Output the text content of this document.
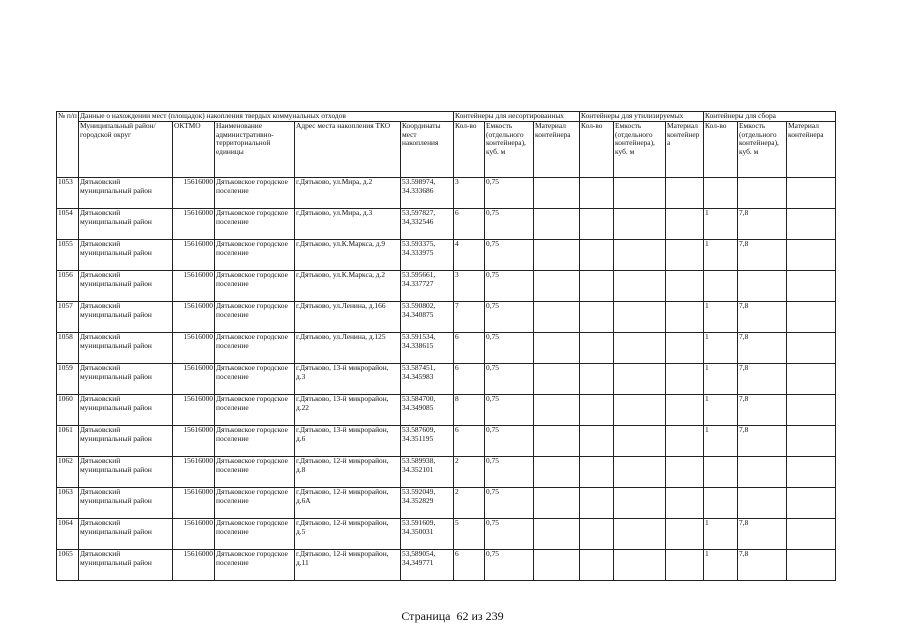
№ п/п	Данные о нахождении мест (площадок) накопления твердых коммунальных отходов					Контейнеры для несортированных			Контейнеры для утилизируемых			Контейнеры для сбора		
	Муниципальный район/городской округ	ОКТМО	Наименование административно-территориальной единицы	Адрес места накопления ТКО	Координаты мест накопления	Кол-во	Емкость (отдельного контейнера), куб. м	Материал контейнера	Кол-во	Емкость (отдельного контейнера), куб. м	Материал контейнер а	Кол-во	Емкость (отдельного контейнера), куб. м	Материал контейнера
1053	Дятьковский муниципальный район	15616000	Дятьковское городское поселение	г.Дятьково, ул.Мира, д.2	53.598974, 34.333686	3	0,75							
1054	Дятьковский муниципальный район	15616000	Дятьковское городское поселение	г.Дятьково, ул.Мира, д.3	53,597827, 34,332546	6	0,75					1	7,8	
1055	Дятьковский муниципальный район	15616000	Дятьковское городское поселение	г.Дятьково, ул.К.Маркса, д.9	53.593375, 34.333975	4	0,75					1	7,8	
1056	Дятьковский муниципальный район	15616000	Дятьковское городское поселение	г.Дятьково, ул.К.Маркса, д.2	53.595661, 34.337727	3	0,75							
1057	Дятьковский муниципальный район	15616000	Дятьковское городское поселение	г.Дятьково, ул.Ленина, д.166	53.590802, 34.340875	7	0,75					1	7,8	
1058	Дятьковский муниципальный район	15616000	Дятьковское городское поселение	г.Дятьково, ул.Ленина, д.125	53.591534, 34.338615	6	0,75					1	7,8	
1059	Дятьковский муниципальный район	15616000	Дятьковское городское поселение	г.Дятьково, 13-й микрорайон, д.3	53.587451, 34.345983	6	0,75					1	7,8	
1060	Дятьковский муниципальный район	15616000	Дятьковское городское поселение	г.Дятьково, 13-й микрорайон, д.22	53.584700, 34.349085	8	0,75					1	7,8	
1061	Дятьковский муниципальный район	15616000	Дятьковское городское поселение	г.Дятьково, 13-й микрорайон, д.6	53.587609, 34.351195	6	0,75					1	7,8	
1062	Дятьковский муниципальный район	15616000	Дятьковское городское поселение	г.Дятьково, 12-й микрорайон, д.8	53.589938, 34.352101	2	0,75							
1063	Дятьковский муниципальный район	15616000	Дятьковское городское поселение	г.Дятьково, 12-й микрорайон, д.6А	53.592049, 34.352829	2	0,75							
1064	Дятьковский муниципальный район	15616000	Дятьковское городское поселение	г.Дятьково, 12-й микрорайон, д.5	53.591609, 34.350031	5	0,75					1	7,8	
1065	Дятьковский муниципальный район	15616000	Дятьковское городское поселение	г.Дятьково, 12-й микрорайон, д.11	53,589054, 34,349771	6	0,75					1	7,8	
Страница 62 из 239
